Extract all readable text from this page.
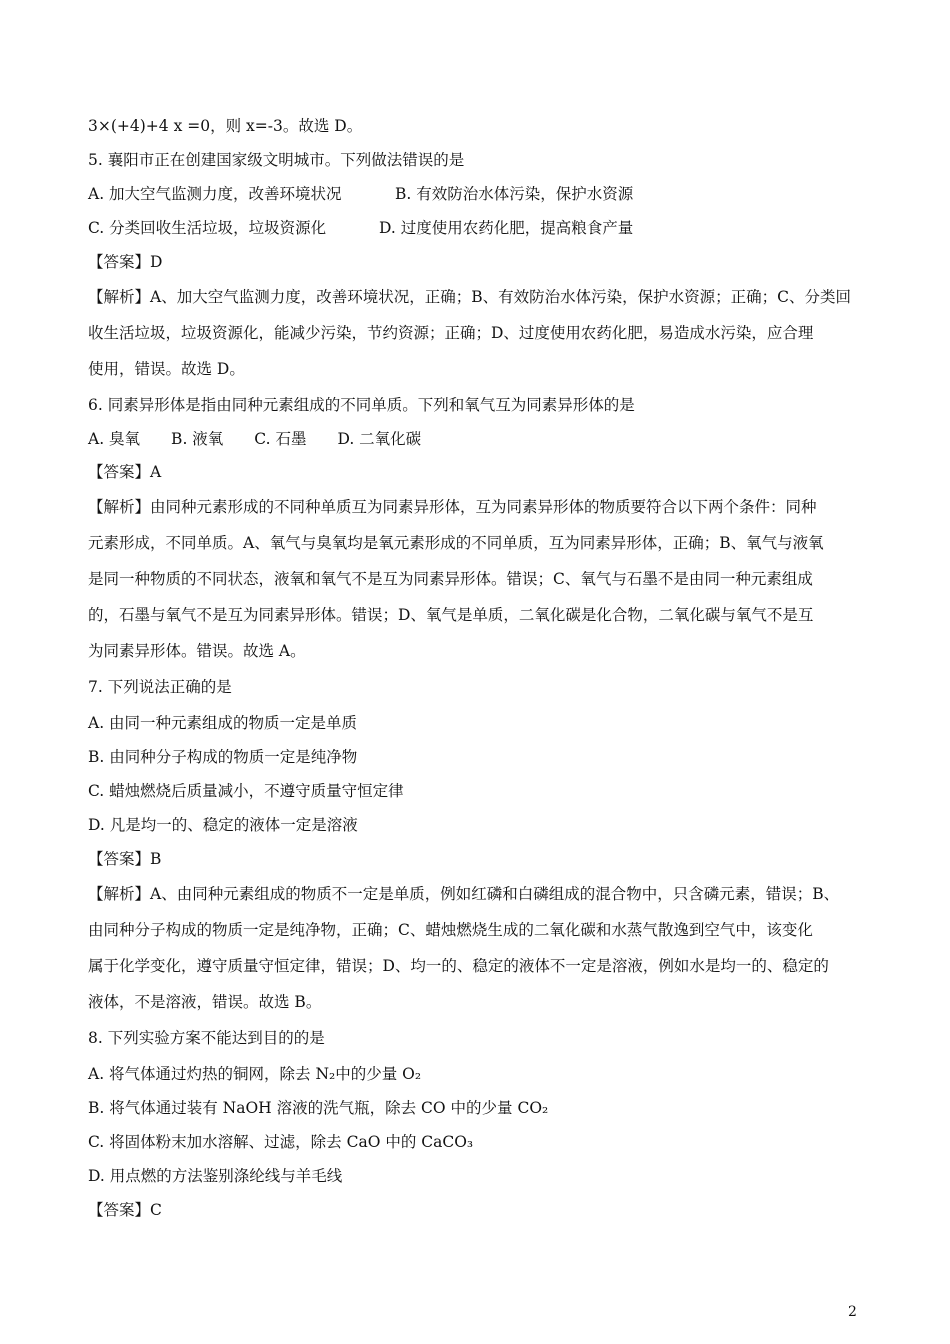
3×(+4)+4 x =0，则 x=-3。故选 D。

5. 襄阳市正在创建国家级文明城市。下列做法错误的是

A. 加大空气监测力度，改善环境状况	B. 有效防治水体污染，保护水资源

C. 分类回收生活垃圾，垃圾资源化	D. 过度使用农药化肥，提高粮食产量

【答案】D

【解析】A、加大空气监测力度，改善环境状况，正确；B、有效防治水体污染，保护水资源；正确；C、分类回

收生活垃圾，垃圾资源化，能减少污染，节约资源；正确；D、过度使用农药化肥，易造成水污染，应合理

使用，错误。故选 D。

6. 同素异形体是指由同种元素组成的不同单质。下列和氧气互为同素异形体的是

A. 臭氧　　B. 液氧　　C. 石墨　　D. 二氧化碳

【答案】A

【解析】由同种元素形成的不同种单质互为同素异形体，互为同素异形体的物质要符合以下两个条件：同种

元素形成，不同单质。A、氧气与臭氧均是氧元素形成的不同单质，互为同素异形体，正确；B、氧气与液氧

是同一种物质的不同状态，液氧和氧气不是互为同素异形体。错误；C、氧气与石墨不是由同一种元素组成

的，石墨与氧气不是互为同素异形体。错误；D、氧气是单质，二氧化碳是化合物，二氧化碳与氧气不是互

为同素异形体。错误。故选 A。

7. 下列说法正确的是

A. 由同一种元素组成的物质一定是单质

B. 由同种分子构成的物质一定是纯净物

C. 蜡烛燃烧后质量减小，不遵守质量守恒定律

D. 凡是均一的、稳定的液体一定是溶液

【答案】B

【解析】A、由同种元素组成的物质不一定是单质，例如红磷和白磷组成的混合物中，只含磷元素，错误；B、

由同种分子构成的物质一定是纯净物，正确；C、蜡烛燃烧生成的二氧化碳和水蒸气散逸到空气中，该变化

属于化学变化，遵守质量守恒定律，错误；D、均一的、稳定的液体不一定是溶液，例如水是均一的、稳定的

液体，不是溶液，错误。故选 B。

8. 下列实验方案不能达到目的的是

A. 将气体通过灼热的铜网，除去 N₂中的少量 O₂

B. 将气体通过装有 NaOH 溶液的洗气瓶，除去 CO 中的少量 CO₂

C. 将固体粉末加水溶解、过滤，除去 CaO 中的 CaCO₃

D. 用点燃的方法鉴别涤纶线与羊毛线

【答案】C

2
